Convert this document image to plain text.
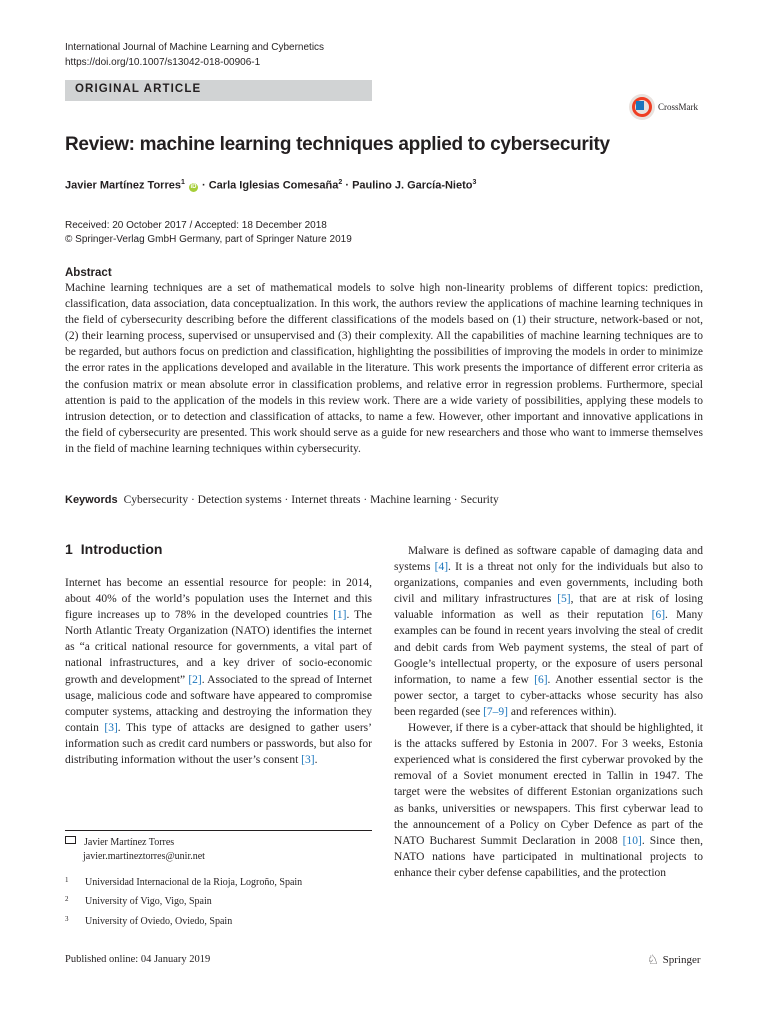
International Journal of Machine Learning and Cybernetics
https://doi.org/10.1007/s13042-018-00906-1
ORIGINAL ARTICLE
CrossMark
Review: machine learning techniques applied to cybersecurity
Javier Martínez Torres$^1$ iD · Carla Iglesias Comesaña$^2$ · Paulino J. García-Nieto$^3$
Received: 20 October 2017 / Accepted: 18 December 2018
© Springer-Verlag GmbH Germany, part of Springer Nature 2019
Abstract
Machine learning techniques are a set of mathematical models to solve high non-linearity problems of different topics: prediction, classification, data association, data conceptualization. In this work, the authors review the applications of machine learning techniques in the field of cybersecurity describing before the different classifications of the models based on (1) their structure, network-based or not, (2) their learning process, supervised or unsupervised and (3) their complexity. All the capabilities of machine learning techniques are to be regarded, but authors focus on prediction and classification, highlighting the possibilities of improving the models in order to minimize the error rates in the applications developed and available in the literature. This work presents the importance of different error criteria as the confusion matrix or mean absolute error in classification problems, and relative error in regression problems. Furthermore, special attention is paid to the application of the models in this review work. There are a wide variety of possibilities, applying these models to intrusion detection, or to detection and classification of attacks, to name a few. However, other important and innovative applications in the field of cybersecurity are presented. This work should serve as a guide for new researchers and those who want to immerse themselves in the field of machine learning techniques within cybersecurity.
Keywords Cybersecurity · Detection systems · Internet threats · Machine learning · Security
1 Introduction

Internet has become an essential resource for people: in 2014, about 40% of the world’s population uses the Internet and this figure increases up to 78% in the developed countries [1]. The North Atlantic Treaty Organization (NATO) identifies the internet as “a critical national resource for governments, a vital part of national infrastructures, and a key driver of socio-economic growth and development” [2]. Associated to the spread of Internet usage, malicious code and software have appeared to compromise computer systems, attacking and destroying the information they contain [3]. This type of attacks are designed to gather users’ information such as credit card numbers or passwords, but also for distributing information without the user’s consent [3].

Malware is defined as software capable of damaging data and systems [4]. It is a threat not only for the individuals but also to organizations, companies and even governments, including both civil and military infrastructures [5], that are at risk of losing valuable information as well as their reputation [6]. Many examples can be found in recent years involving the steal of credit and debit cards from Web payment systems, the steal of part of Google’s intellectual property, or the exposure of users personal information, to name a few [6]. Another essential sector is the power sector, a target to cyber-attacks whose security has also been regarded (see [7–9] and references within).

However, if there is a cyber-attack that should be highlighted, it is the attacks suffered by Estonia in 2007. For 3 weeks, Estonia experienced what is considered the first cyberwar provoked by the removal of a Soviet monument erected in Tallin in 1947. The target were the websites of different Estonian organizations such as banks, universities or newspapers. This first cyberwar lead to the announcement of a Policy on Cyber Defence as part of the NATO Bucharest Summit Declaration in 2008 [10]. Since then, NATO nations have participated in multinational projects to enhance their cyber defense capabilities, and the protection

Javier Martínez Torres
javier.martineztorres@unir.net
1 Universidad Internacional de la Rioja, Logroño, Spain
2 University of Vigo, Vigo, Spain
3 University of Oviedo, Oviedo, Spain
Published online: 04 January 2019	♘ Springer
